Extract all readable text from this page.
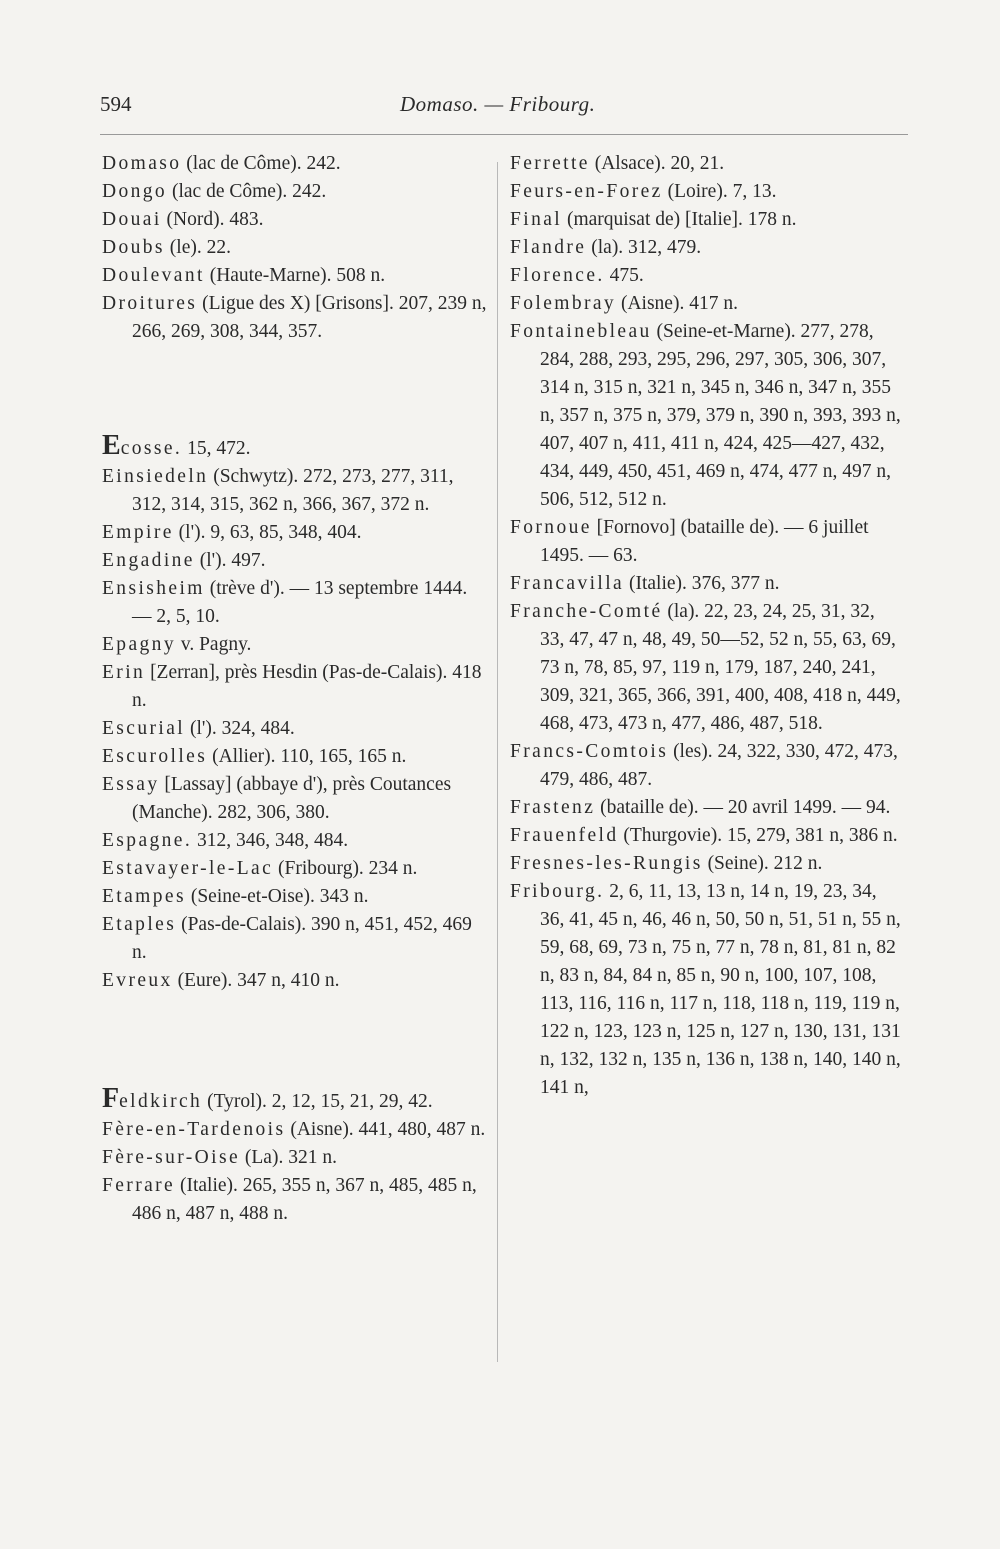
594	Domaso. — Fribourg.

Domaso (lac de Côme). 242.

Dongo (lac de Côme). 242.

Douai (Nord). 483.

Doubs (le). 22.

Doulevant (Haute-Marne). 508 n.

Droitures (Ligue des X) [Grisons]. 207, 239 n, 266, 269, 308, 344, 357.

Ecosse. 15, 472.

Einsiedeln (Schwytz). 272, 273, 277, 311, 312, 314, 315, 362 n, 366, 367, 372 n.

Empire (l'). 9, 63, 85, 348, 404.

Engadine (l'). 497.

Ensisheim (trève d'). — 13 septembre 1444. — 2, 5, 10.

Epagny v. Pagny.

Erin [Zerran], près Hesdin (Pas-de-Calais). 418 n.

Escurial (l'). 324, 484.

Escurolles (Allier). 110, 165, 165 n.

Essay [Lassay] (abbaye d'), près Coutances (Manche). 282, 306, 380.

Espagne. 312, 346, 348, 484.

Estavayer-le-Lac (Fribourg). 234 n.

Etampes (Seine-et-Oise). 343 n.

Etaples (Pas-de-Calais). 390 n, 451, 452, 469 n.

Evreux (Eure). 347 n, 410 n.

Feldkirch (Tyrol). 2, 12, 15, 21, 29, 42.

Fère-en-Tardenois (Aisne). 441, 480, 487 n.

Fère-sur-Oise (La). 321 n.

Ferrare (Italie). 265, 355 n, 367 n, 485, 485 n, 486 n, 487 n, 488 n.

Ferrette (Alsace). 20, 21.

Feurs-en-Forez (Loire). 7, 13.

Final (marquisat de) [Italie]. 178 n.

Flandre (la). 312, 479.

Florence. 475.

Folembray (Aisne). 417 n.

Fontainebleau (Seine-et-Marne). 277, 278, 284, 288, 293, 295, 296, 297, 305, 306, 307, 314 n, 315 n, 321 n, 345 n, 346 n, 347 n, 355 n, 357 n, 375 n, 379, 379 n, 390 n, 393, 393 n, 407, 407 n, 411, 411 n, 424, 425—427, 432, 434, 449, 450, 451, 469 n, 474, 477 n, 497 n, 506, 512, 512 n.

Fornoue [Fornovo] (bataille de). — 6 juillet 1495. — 63.

Francavilla (Italie). 376, 377 n.

Franche-Comté (la). 22, 23, 24, 25, 31, 32, 33, 47, 47 n, 48, 49, 50—52, 52 n, 55, 63, 69, 73 n, 78, 85, 97, 119 n, 179, 187, 240, 241, 309, 321, 365, 366, 391, 400, 408, 418 n, 449, 468, 473, 473 n, 477, 486, 487, 518.

Francs-Comtois (les). 24, 322, 330, 472, 473, 479, 486, 487.

Frastenz (bataille de). — 20 avril 1499. — 94.

Frauenfeld (Thurgovie). 15, 279, 381 n, 386 n.

Fresnes-les-Rungis (Seine). 212 n.

Fribourg. 2, 6, 11, 13, 13 n, 14 n, 19, 23, 34, 36, 41, 45 n, 46, 46 n, 50, 50 n, 51, 51 n, 55 n, 59, 68, 69, 73 n, 75 n, 77 n, 78 n, 81, 81 n, 82 n, 83 n, 84, 84 n, 85 n, 90 n, 100, 107, 108, 113, 116, 116 n, 117 n, 118, 118 n, 119, 119 n, 122 n, 123, 123 n, 125 n, 127 n, 130, 131, 131 n, 132, 132 n, 135 n, 136 n, 138 n, 140, 140 n, 141 n,
